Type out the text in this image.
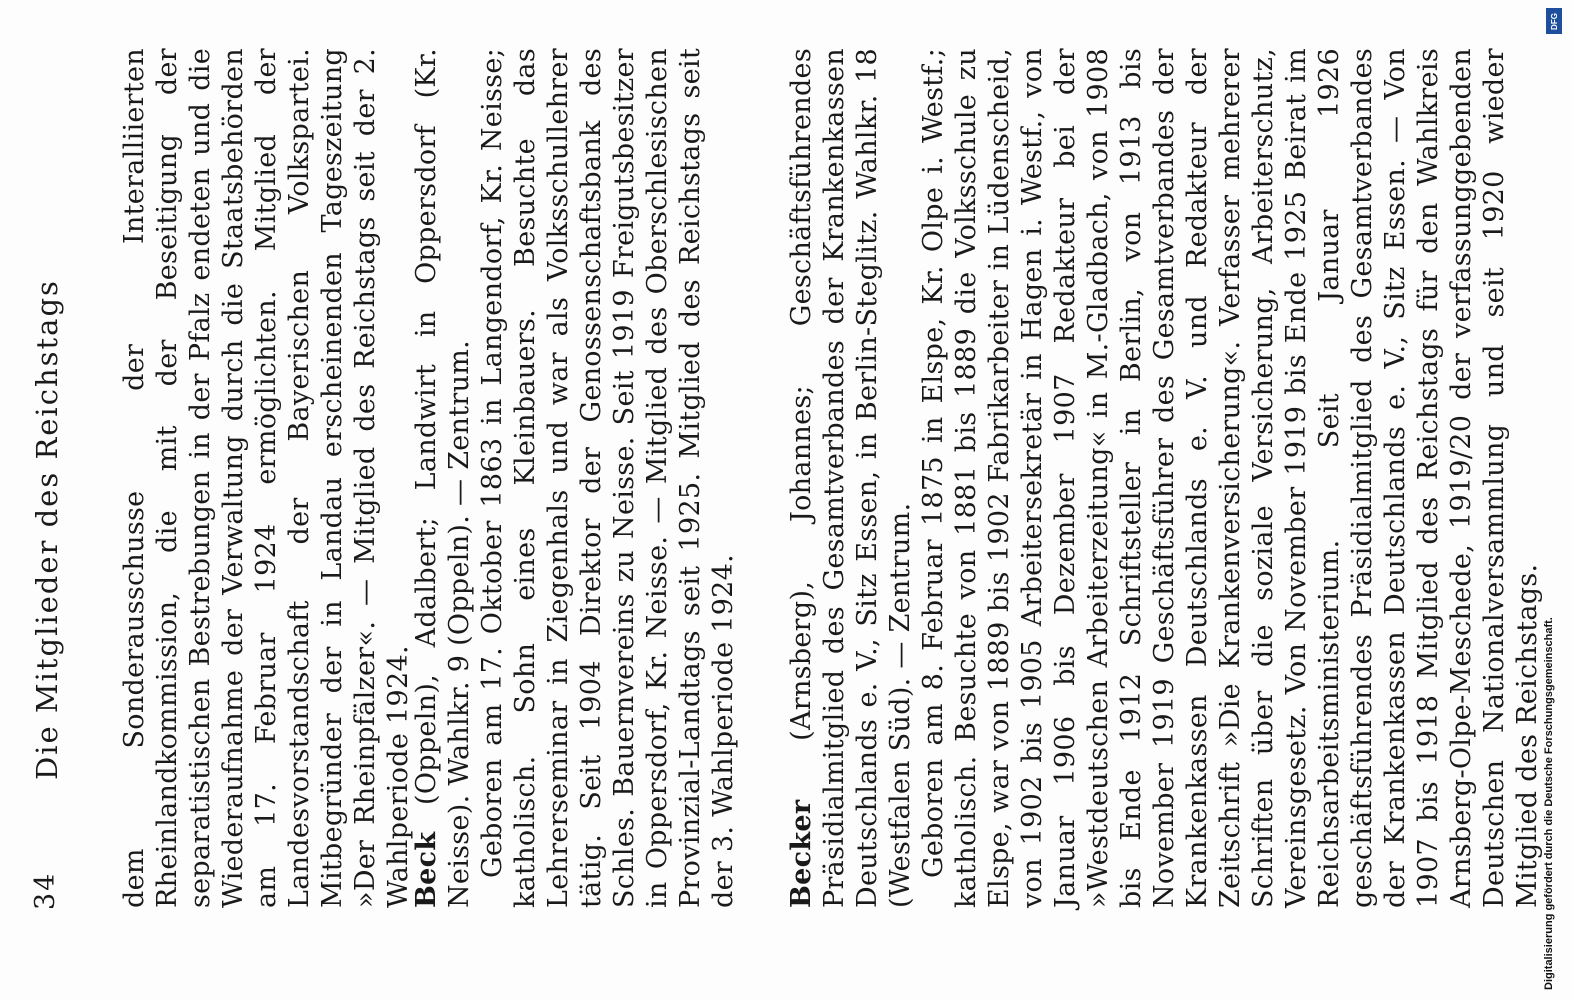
34
Die Mitglieder des Reichstags dem Sonderausschusse der Interalliierten Rheinlandkommission, die mit der Beseitigung der separatistischen Bestrebungen in der Pfalz endeten und die Wiederaufnahme der Verwaltung durch die Staatsbehörden am 17. Februar 1924 ermöglichten. Mitglied der Landesvorstandschaft der Bayerischen Volkspartei. Mitbegründer der in Landau erscheinenden Tageszeitung »Der Rheinpfälzer«. — Mitglied des Reichstags seit der 2. Wahlperiode 1924.

Beck (Oppeln), Adalbert; Landwirt in Oppersdorf (Kr. Neisse). Wahlkr. 9 (Oppeln). — Zentrum. Geboren am 17. Oktober 1863 in Langendorf, Kr. Neisse; katholisch. Sohn eines Kleinbauers. Besuchte das Lehrerseminar in Ziegenhals und war als Volksschullehrer tätig. Seit 1904 Direktor der Genossenschaftsbank des Schles. Bauernvereins zu Neisse. Seit 1919 Freigutsbesitzer in Oppersdorf, Kr. Neisse. — Mitglied des Oberschlesischen Provinzial-Landtags seit 1925. Mitglied des Reichstags seit der 3. Wahlperiode 1924. Becker (Arnsberg), Johannes; Geschäftsführendes Präsidialmitglied des Gesamtverbandes der Krankenkassen Deutschlands e. V., Sitz Essen, in Berlin-Steglitz. Wahlkr. 18 (Westfalen Süd). — Zentrum. Geboren am 8. Februar 1875 in Elspe, Kr. Olpe i. Westf.; katholisch. Besuchte von 1881 bis 1889 die Volksschule zu Elspe, war von 1889 bis 1902 Fabrikarbeiter in Lüdenscheid, von 1902 bis 1905 Arbeitersekretär in Hagen i. Westf., von Januar 1906 bis Dezember 1907 Redakteur bei der »Westdeutschen Arbeiterzeitung« in M.-Gladbach, von 1908 bis Ende 1912 Schriftsteller in Berlin, von 1913 bis November 1919 Geschäftsführer des Gesamtverbandes der Krankenkassen Deutschlands e. V. und Redakteur der Zeitschrift »Die Krankenversicherung«. Verfasser mehrerer Schriften über die soziale Versicherung, Arbeiterschutz, Vereinsgesetz. Von November 1919 bis Ende 1925 Beirat im Reichsarbeitsministerium. Seit Januar 1926 geschäftsführendes Präsidialmitglied des Gesamtverbandes der Krankenkassen Deutschlands e. V., Sitz Essen. — Von 1907 bis 1918 Mitglied des Reichstags für den Wahlkreis Arnsberg-Olpe-Meschede, 1919/20 der verfassunggebenden Deutschen Nationalversammlung und seit 1920 wieder Mitglied des Reichstags.

DFG
Digitalisierung gefördert durch die Deutsche Forschungsgemeinschaft.
